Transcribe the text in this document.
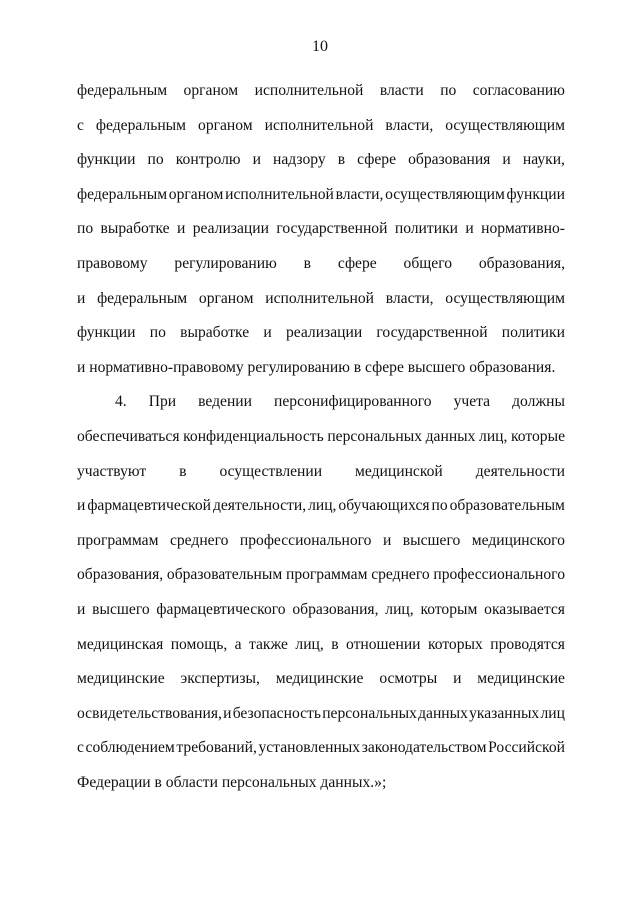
10
федеральным органом исполнительной власти по согласованию
с федеральным органом исполнительной власти, осуществляющим
функции по контролю и надзору в сфере образования и науки,
федеральным органом исполнительной власти, осуществляющим функции
по выработке и реализации государственной политики и нормативно-
правовому регулированию в сфере общего образования,
и федеральным органом исполнительной власти, осуществляющим
функции по выработке и реализации государственной политики
и нормативно-правовому регулированию в сфере высшего образования.
4. При ведении персонифицированного учета должны
обеспечиваться конфиденциальность персональных данных лиц, которые
участвуют в осуществлении медицинской деятельности
и фармацевтической деятельности, лиц, обучающихся по образовательным
программам среднего профессионального и высшего медицинского
образования, образовательным программам среднего профессионального
и высшего фармацевтического образования, лиц, которым оказывается
медицинская помощь, а также лиц, в отношении которых проводятся
медицинские экспертизы, медицинские осмотры и медицинские
освидетельствования, и безопасность персональных данных указанных лиц
с соблюдением требований, установленных законодательством Российской
Федерации в области персональных данных.»;
